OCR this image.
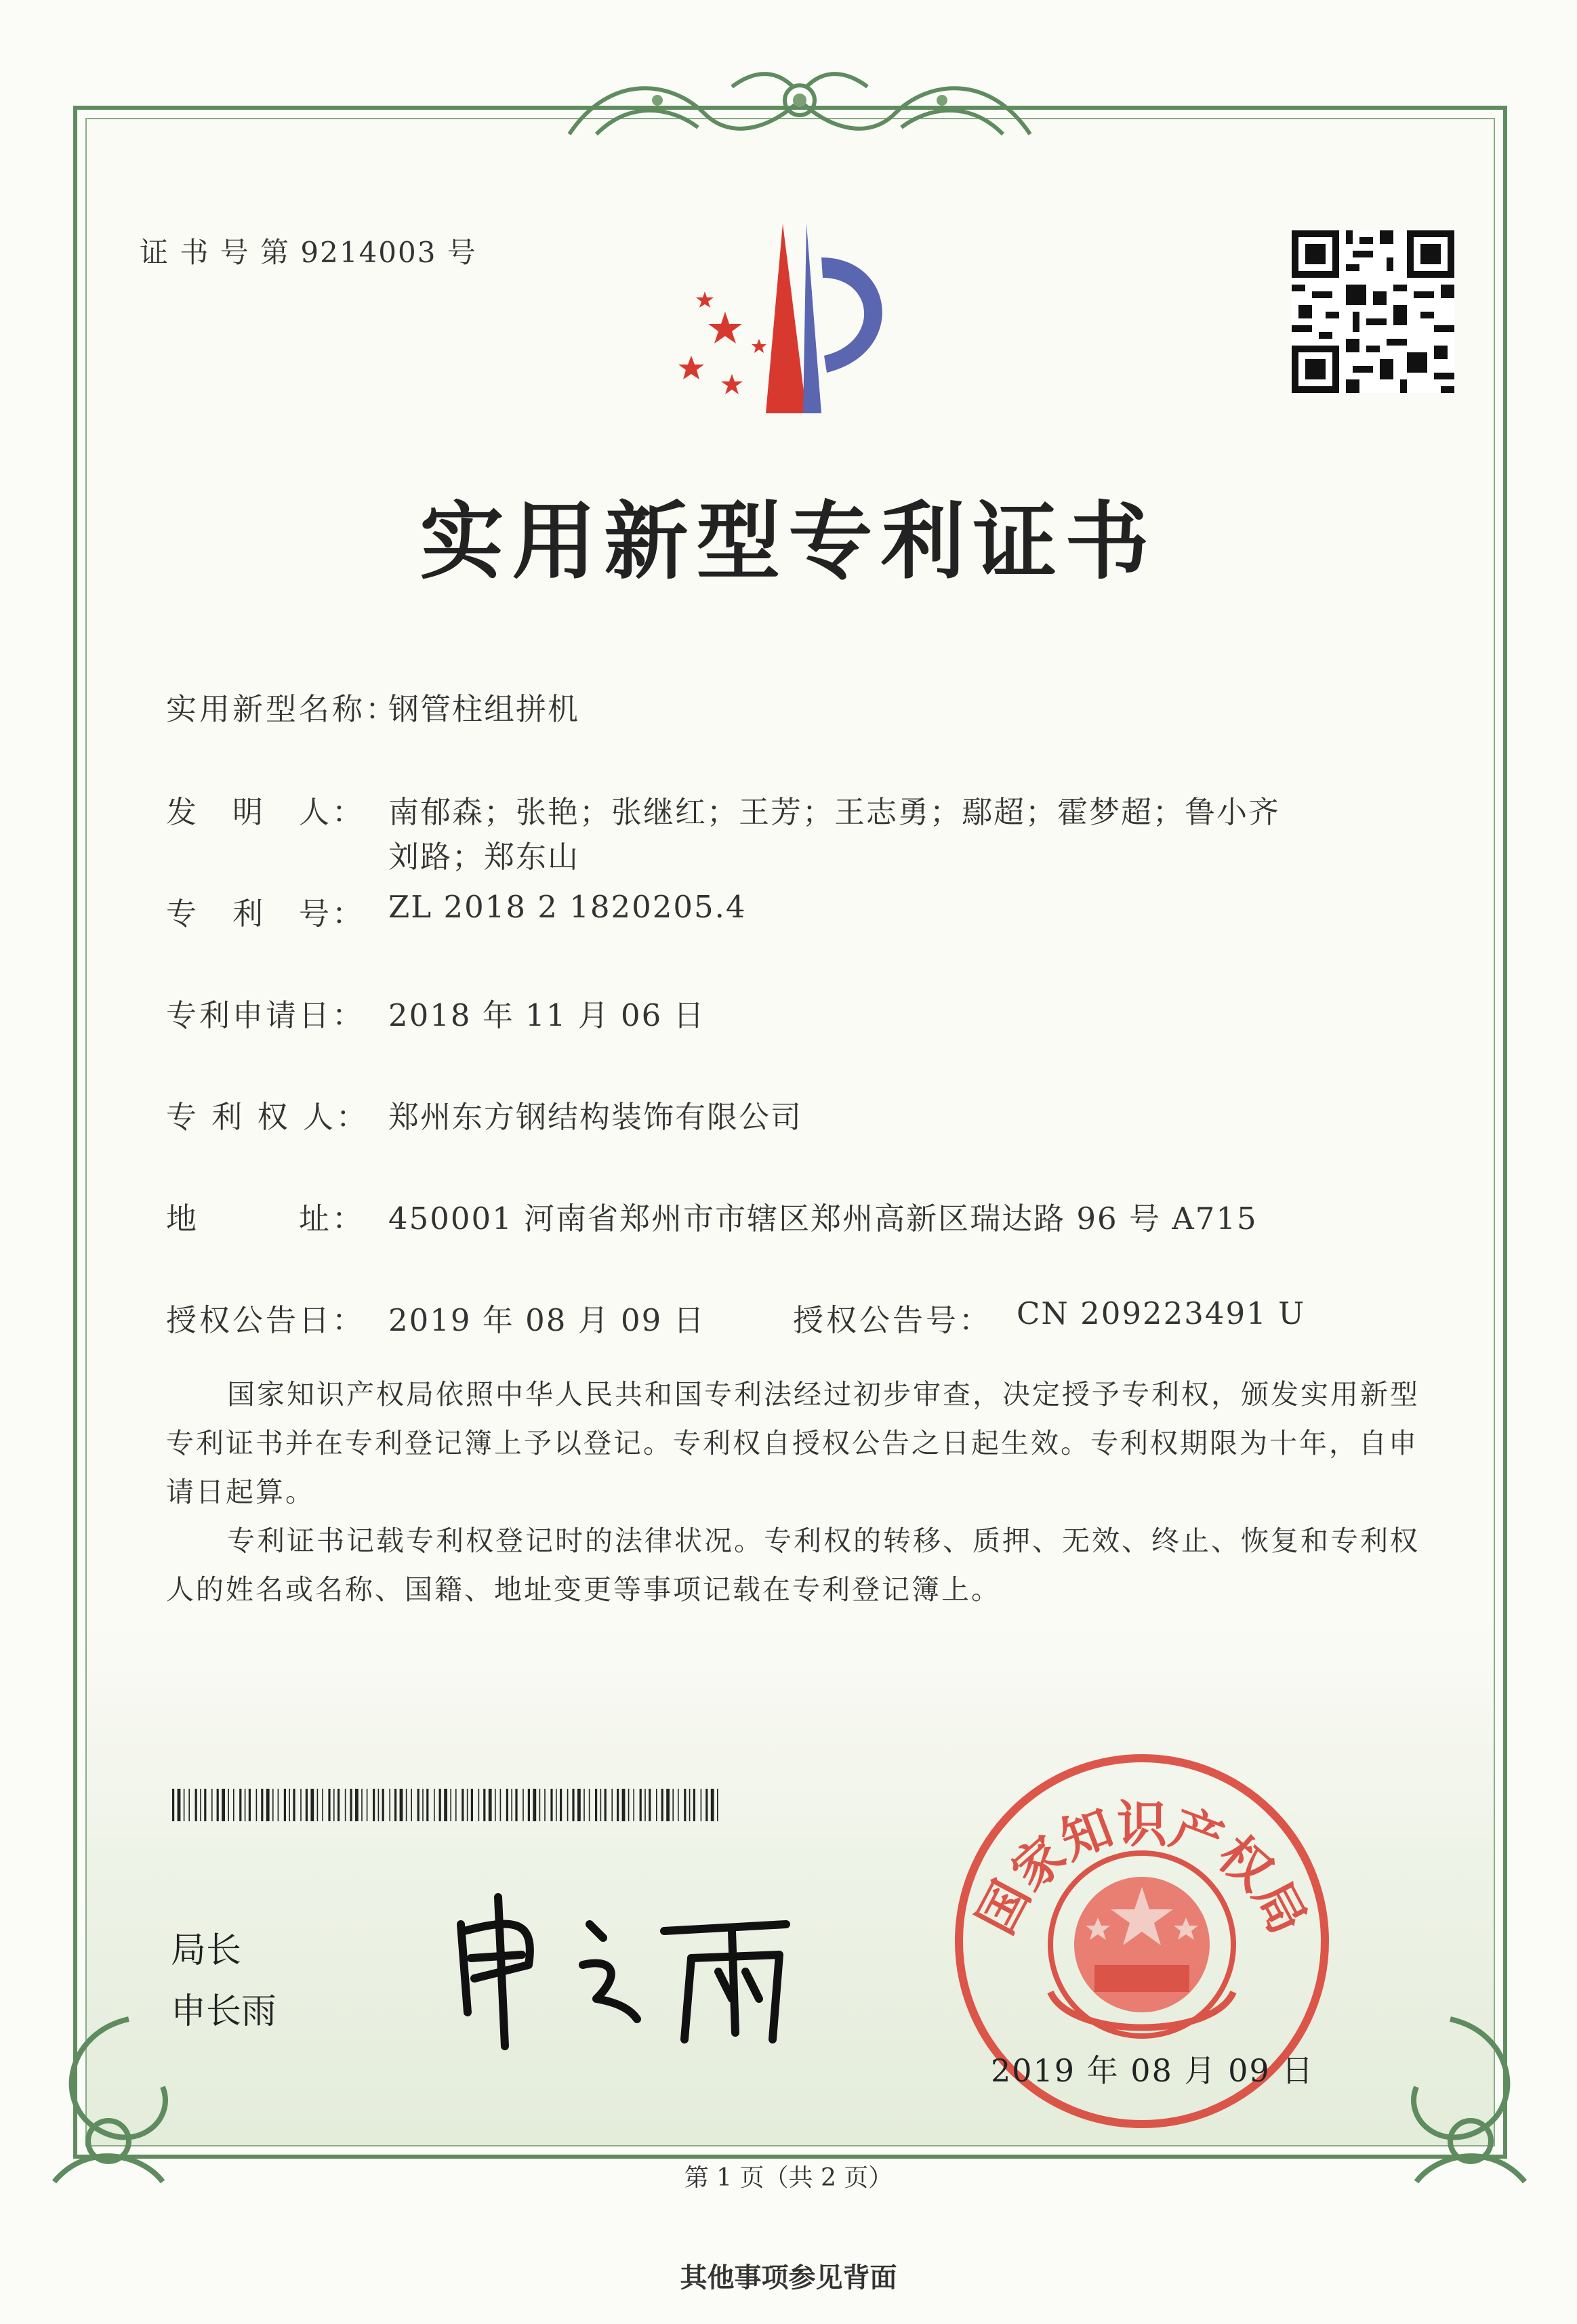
证 书 号 第 9214003 号
实用新型专利证书
实用新型名称：
钢管柱组拼机
发　明　人： 南郁森；张艳；张继红；王芳；王志勇；鄢超；霍梦超；鲁小齐
刘路；郑东山
专　利　号： ZL 2018 2 1820205.4
专利申请日： 2018 年 11 月 06 日
专 利 权 人： 郑州东方钢结构装饰有限公司
地　　　址： 450001 河南省郑州市市辖区郑州高新区瑞达路 96 号 A715
授权公告日： 2019 年 08 月 09 日	授权公告号： CN 209223491 U
国家知识产权局依照中华人民共和国专利法经过初步审查，决定授予专利权，颁发实用新型专利证书并在专利登记簿上予以登记。专利权自授权公告之日起生效。专利权期限为十年，自申请日起算。
专利证书记载专利权登记时的法律状况。专利权的转移、质押、无效、终止、恢复和专利权人的姓名或名称、国籍、地址变更等事项记载在专利登记簿上。
局长
申长雨
国家知识产权局
2019 年 08 月 09 日
第 1 页（共 2 页）
其他事项参见背面
